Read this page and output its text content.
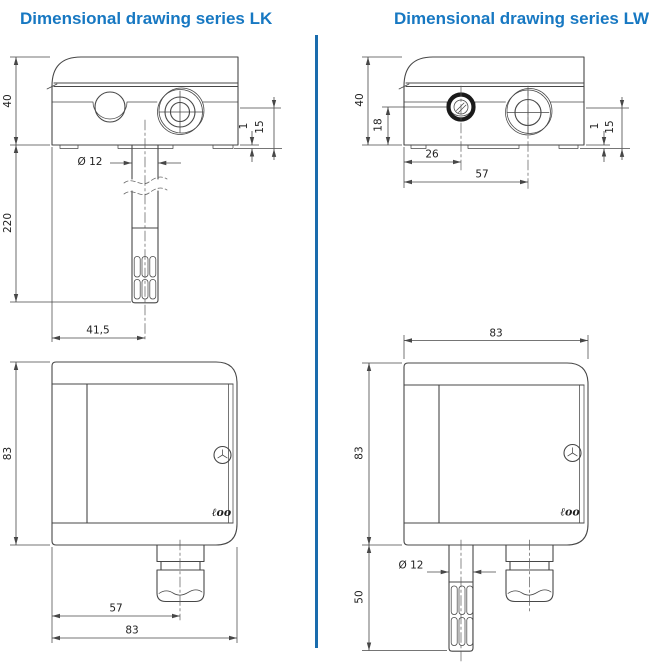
Dimensional drawing series LK	Dimensional drawing series LW
40
220
41,5
Ø 12
1 15
ℓoo
83
57
83
40
18
26
57
1 15
ℓoo
83
83
50
Ø 12
